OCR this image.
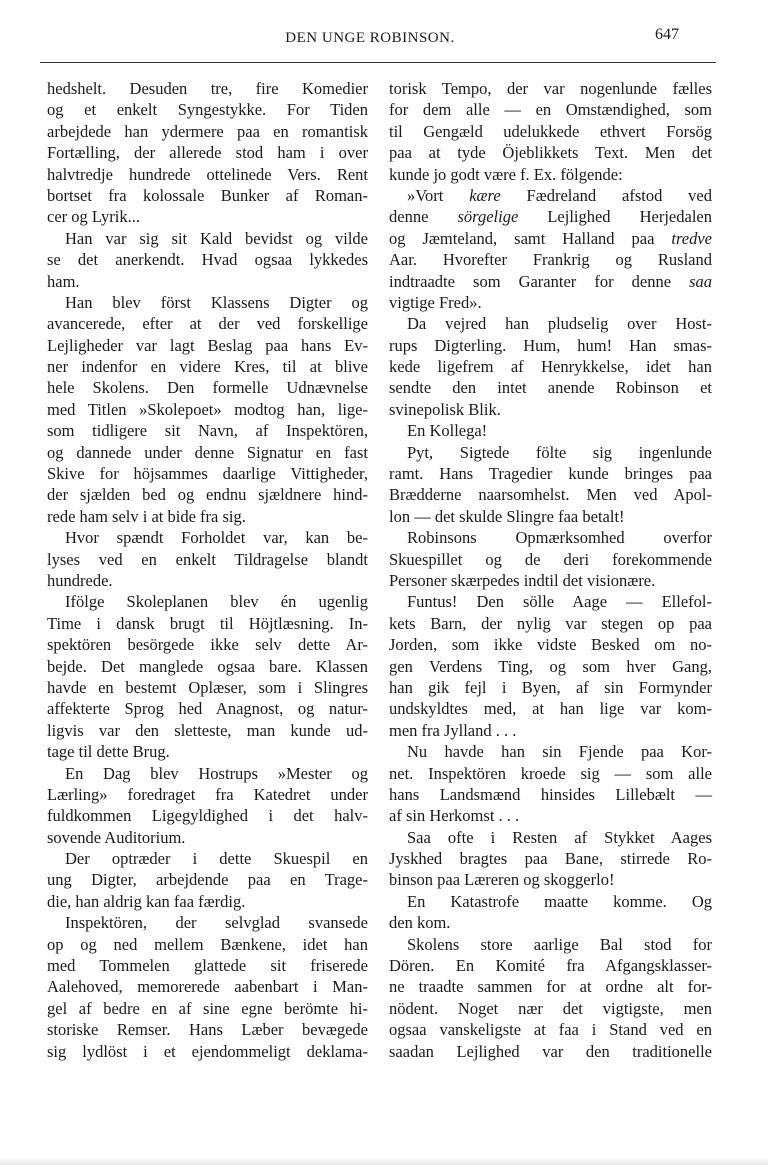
DEN UNGE ROBINSON.	647
hedshelt. Desuden tre, fire Komedier
og et enkelt Syngestykke. For Tiden
arbejdede han ydermere paa en romantisk
Fortælling, der allerede stod ham i over
halvtredje hundrede ottelinede Vers. Rent
bortset fra kolossale Bunker af Roman-
cer og Lyrik...
Han var sig sit Kald bevidst og vilde
se det anerkendt. Hvad ogsaa lykkedes
ham.
Han blev först Klassens Digter og
avancerede, efter at der ved forskellige
Lejligheder var lagt Beslag paa hans Ev-
ner indenfor en videre Kres, til at blive
hele Skolens. Den formelle Udnævnelse
med Titlen »Skolepoet» modtog han, lige-
som tidligere sit Navn, af Inspektören,
og dannede under denne Signatur en fast
Skive for höjsammes daarlige Vittigheder,
der sjælden bed og endnu sjældnere hind-
rede ham selv i at bide fra sig.
Hvor spændt Forholdet var, kan be-
lyses ved en enkelt Tildragelse blandt
hundrede.
Ifölge Skoleplanen blev én ugenlig
Time i dansk brugt til Höjtlæsning. In-
spektören besörgede ikke selv dette Ar-
bejde. Det manglede ogsaa bare. Klassen
havde en bestemt Oplæser, som i Slingres
affekterte Sprog hed Anagnost, og natur-
ligvis var den sletteste, man kunde ud-
tage til dette Brug.
En Dag blev Hostrups »Mester og
Lærling» foredraget fra Katedret under
fuldkommen Ligegyldighed i det halv-
sovende Auditorium.
Der optræder i dette Skuespil en
ung Digter, arbejdende paa en Trage-
die, han aldrig kan faa færdig.
Inspektören, der selvglad svansede
op og ned mellem Bænkene, idet han
med Tommelen glattede sit friserede
Aalehoved, memorerede aabenbart i Man-
gel af bedre en af sine egne berömte hi-
storiske Remser. Hans Læber bevægede
sig lydlöst i et ejendommeligt deklama-
torisk Tempo, der var nogenlunde fælles
for dem alle — en Omstændighed, som
til Gengæld udelukkede ethvert Forsög
paa at tyde Öjeblikkets Text. Men det
kunde jo godt være f. Ex. fölgende:
»Vort kære Fædreland afstod ved
denne sörgelige Lejlighed Herjedalen
og Jæmteland, samt Halland paa tredve
Aar. Hvorefter Frankrig og Rusland
indtraadte som Garanter for denne saa
vigtige Fred».
Da vejred han pludselig over Host-
rups Digterling. Hum, hum! Han smas-
kede ligefrem af Henrykkelse, idet han
sendte den intet anende Robinson et
svinepolisk Blik.
En Kollega!
Pyt, Sigtede fölte sig ingenlunde
ramt. Hans Tragedier kunde bringes paa
Brædderne naarsomhelst. Men ved Apol-
lon — det skulde Slingre faa betalt!
Robinsons Opmærksomhed overfor
Skuespillet og de deri forekommende
Personer skærpedes indtil det visionære.
Funtus! Den sölle Aage — Ellefol-
kets Barn, der nylig var stegen op paa
Jorden, som ikke vidste Besked om no-
gen Verdens Ting, og som hver Gang,
han gik fejl i Byen, af sin Formynder
undskyldtes med, at han lige var kom-
men fra Jylland . . .
Nu havde han sin Fjende paa Kor-
net. Inspektören kroede sig — som alle
hans Landsmænd hinsides Lillebælt —
af sin Herkomst . . .
Saa ofte i Resten af Stykket Aages
Jyskhed bragtes paa Bane, stirrede Ro-
binson paa Læreren og skoggerlo!
En Katastrofe maatte komme. Og
den kom.
Skolens store aarlige Bal stod for
Dören. En Komité fra Afgangsklasser-
ne traadte sammen for at ordne alt for-
nödent. Noget nær det vigtigste, men
ogsaa vanskeligste at faa i Stand ved en
saadan Lejlighed var den traditionelle
